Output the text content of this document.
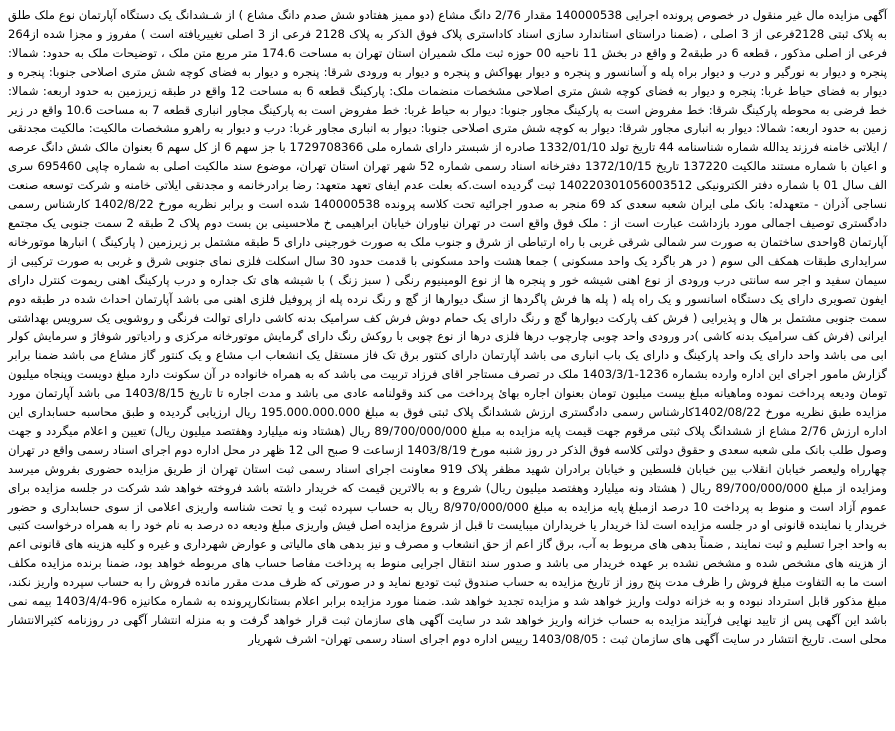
آگهی مزایده مال غیر منقول در خصوص پرونده اجرایی 140000538 مقدار 2/76 دانگ مشاع (دو ممیز هفتادو شش صدم دانگ مشاع ) از شـشدانگ یک دستگاه آپارتمان نوع ملک طلق به پلاک ثبتی 2128فرعی از 3 اصلی ، (ضمنا دراستای استاندارد سازی اسناد کاداستری پلاک فوق الذکر به پلاک 2128 فرعی از 3 اصلی تغییریافته است ) مفروز و مجزا شده از264 فرعی از اصلی مذکور ، قطعه 6 در طبقه2 و واقع در بخش 11 ناحیه 00 حوزه ثبت ملک شمیران استان تهران به مساحت 174.6 متر مربع متن ملک ، توضیحات ملک به حدود: شمالا: پنجره و دیوار به نورگیر و درب و دیوار براه پله و آسانسور و پنجره و دیوار بهواکش و پنجره و دیوار به ورودی شرقا: پنجره و دیوار به فضای کوچه شش متری اصلاحی جنوبا: پنجره و دیوار به فضای حیاط غربا: پنجره و دیوار به فضای کوچه شش متری اصلاحی مشخصات منضمات ملک: پارکینگ قطعه 6 به مساحت 12 واقع در طبقه زیرزمین به حدود اربعه: شمالا: خط فرضی به محوطه پارکینگ شرقا: خط مفروض است به پارکینگ مجاور جنوبا: دیوار به حیاط غربا: خط مفروض است به پارکینگ مجاور انباری قطعه 7 به مساحت 10.6 واقع در زیر زمین به حدود اربعه: شمالا: دیوار به انباری مجاور شرقا: دیوار به کوچه شش متری اصلاحی جنوبا: دیوار به انباری مجاور غربا: درب و دیوار به راهرو مشخصات مالکیت: مالکیت مجدنقی / ایلاتی خامنه فرزند یدالله شماره شناسنامه 44 تاریخ تولد 1332/01/10 صادره از شبستر دارای شماره ملی 1729708366 با جز سهم 6 از کل سهم 6 بعنوان مالک شش دانگ عرصه و اعیان با شماره مستند مالکیت 137220 تاریخ 1372/10/15 دفترخانه اسناد رسمی شماره 52 شهر تهران استان تهران، موضوع سند مالکیت اصلی به شماره چاپی 695460 سری الف سال 01 با شماره دفتر الکترونیکی 140220301056003512 ثبت گردیده است.که بعلت عدم ایفای تعهد متعهد: رضا برادرخانمه و مجدنقی ایلاتی خامنه و شرکت توسعه صنعت نساجی آذران - متعهدله: بانک ملی ایران شعبه سعدی کد 69 منجر به صدور اجرائیه تحت کلاسه پرونده 140000538 شده است و برابر نظریه مورخ 1402/8/22 کارشناس رسمی دادگستری توصیف اجمالی مورد بازداشت عبارت است از : ملک فوق واقع است در تهران نیاوران خیابان ابراهیمی خ ملاحسینی بن بست دوم پلاک 2 طبقه 2 سمت جنوبی یک مجتمع آپارتمان 8واحدی ساختمان به صورت سر شمالی شرقی غربی با راه ارتباطی از شرق و جنوب ملک به صورت خورجینی دارای 5 طبقه مشتمل بر زیرزمین ( پارکینگ ) انبارها موتورخانه سرایداری طبقات همکف الی سوم ( در هر باگرد یک واحد مسکونی ) جمعا هشت واحد مسکونی با قدمت حدود 30 سال اسکلت فلزی نمای جنوبی شرق و غربی به صورت ترکیبی از سیمان سفید و اجر سه سانتی درب ورودی از نوع اهنی شیشه خور و پنجره ها از نوع الومینیوم رنگی ( سبز زنگ ) با شیشه های تک جداره و درب پارکینگ اهنی ریموت کنترل دارای ایفون تصویری دارای یک دستگاه اسانسور و یک راه پله ( پله ها فرش پاگردها از سنگ دیوارها از گچ و رنگ نرده پله از پروفیل فلزی اهنی می باشد آپارتمان احداث شده در طبقه دوم سمت جنوبی مشتمل بر هال و پذیرایی ( فرش کف پارکت دیوارها گچ و رنگ دارای یک حمام دوش فرش کف سرامیک بدنه کاشی دارای توالت فرنگی و روشویی یک سرویس بهداشتی ایرانی (فرش کف سرامیک بدنه کاشی )در ورودی واحد چوبی چارچوب درها فلزی درها از نوع چوبی با روکش رنگ دارای گرمایش موتورخانه مرکزی و رادیاتور شوفاژ و سرمایش کولر ابی می باشد واحد دارای یک واحد پارکینگ و دارای یک باب انباری می باشد آپارتمان دارای کنتور برق تک فاز مستقل یک انشعاب اب مشاع و یک کنتور گاز مشاع می باشد ضمنا برابر گزارش مامور اجرای این اداره وارده بشماره 1236-1403/3/1 ملک در تصرف مستاجر اقای فرزاد تربیت می باشد که به همراه خانواده در آن سکونت دارد مبلغ دویست وپنجاه میلیون تومان ودیعه پرداخت نموده وماهیانه مبلغ بیست میلیون تومان بعنوان اجاره بهائ پرداخت می کند وقولنامه عادی می باشد و مدت اجاره تا تاریخ 1403/8/15 می باشد آپارتمان مورد مزایده طبق نظریه مورخ 1402/08/22کارشناس رسمی دادگستری ارزش ششدانگ پلاک ثبتی فوق به مبلغ 195.000.000.000 ریال ارزیابی گردیده و طبق محاسبه حسابداری این اداره ارزش 2/76 مشاع از ششدانگ پلاک ثبتی مرقوم جهت قیمت پایه مزایده به مبلغ 89/700/000/000 ریال (هشتاد ونه میلیارد وهفتصد میلیون ریال) تعیین و اعلام میگردد و جهت وصول طلب بانک ملی شعبه سعدی و حقوق دولتی کلاسه فوق الذکر در روز شنبه مورخ 1403/8/19 ازساعت 9 صبح الی 12 ظهر در محل اداره دوم اجرای اسناد رسمی واقع در تهران چهارراه ولیعصر خیابان انقلاب بین خیابان فلسطین و خیابان برادران شهید مظفر پلاک 919 معاونت اجرای اسناد رسمی ثبت استان تهران از طریق مزایده حضوری بفروش میرسد ومزایده از مبلغ 89/700/000/000 ریال ( هشتاد ونه میلیارد وهفتصد میلیون ریال) شروع و به بالاترین قیمت که خریدار داشته باشد فروخته خواهد شد شرکت در جلسه مزایده برای عموم آزاد است و منوط به پرداخت 10 درصد ازمبلغ پایه مزایده به مبلغ 8/970/000/000 ریال به حساب سپرده ثبت و یا تحت شناسه واریزی اعلامی از سوی حسابداری و حضور خریدار یا نماینده قانونی او در جلسه مزایده است لذا خریدار یا خریداران میبایست تا قبل از شروع مزایده اصل فیش واریزی مبلغ ودیعه ده درصد به نام خود را به همراه درخواست کتبی به واحد اجرا تسلیم و ثبت نمایند , ضمناً بدهی های مربوط به آب، برق گاز اعم از حق انشعاب و مصرف و نیز بدهی های مالیاتی و عوارض شهرداری و غیره و کلیه هزینه های قانونی اعم از هزینه های مشخص شده و مشخص نشده بر عهده خریدار می باشد و صدور سند انتقال اجرایی منوط به پرداخت مفاصا حساب های مربوطه خواهد بود، ضمنا برنده مزایده مکلف است ما به التفاوت مبلغ فروش را ظرف مدت پنج روز از تاریخ مزایده به حساب صندوق ثبت تودیع نماید و در صورتی که ظرف مدت مقرر مانده فروش را به حساب سپرده واریز نکند، مبلغ مذکور قابل استرداد نبوده و به خزانه دولت واریز خواهد شد و مزایده تجدید خواهد شد. ضمنا مورد مزایده برابر اعلام بستانکارپرونده به شماره مکانیزه 96-1403/4/4 بیمه نمی باشد این آگهی پس از تایید نهایی فرآیند مزایده به حساب خزانه واریز خواهد شد در سایت آگهی های سازمان ثبت قرار خواهد گرفت و به منزله انتشار آگهی در روزنامه کثیرالانتشار محلی است. تاریخ انتشار در سایت آگهی های سازمان ثبت : 1403/08/05 رییس اداره دوم اجرای اسناد رسمی تهران- اشرف شهریار
